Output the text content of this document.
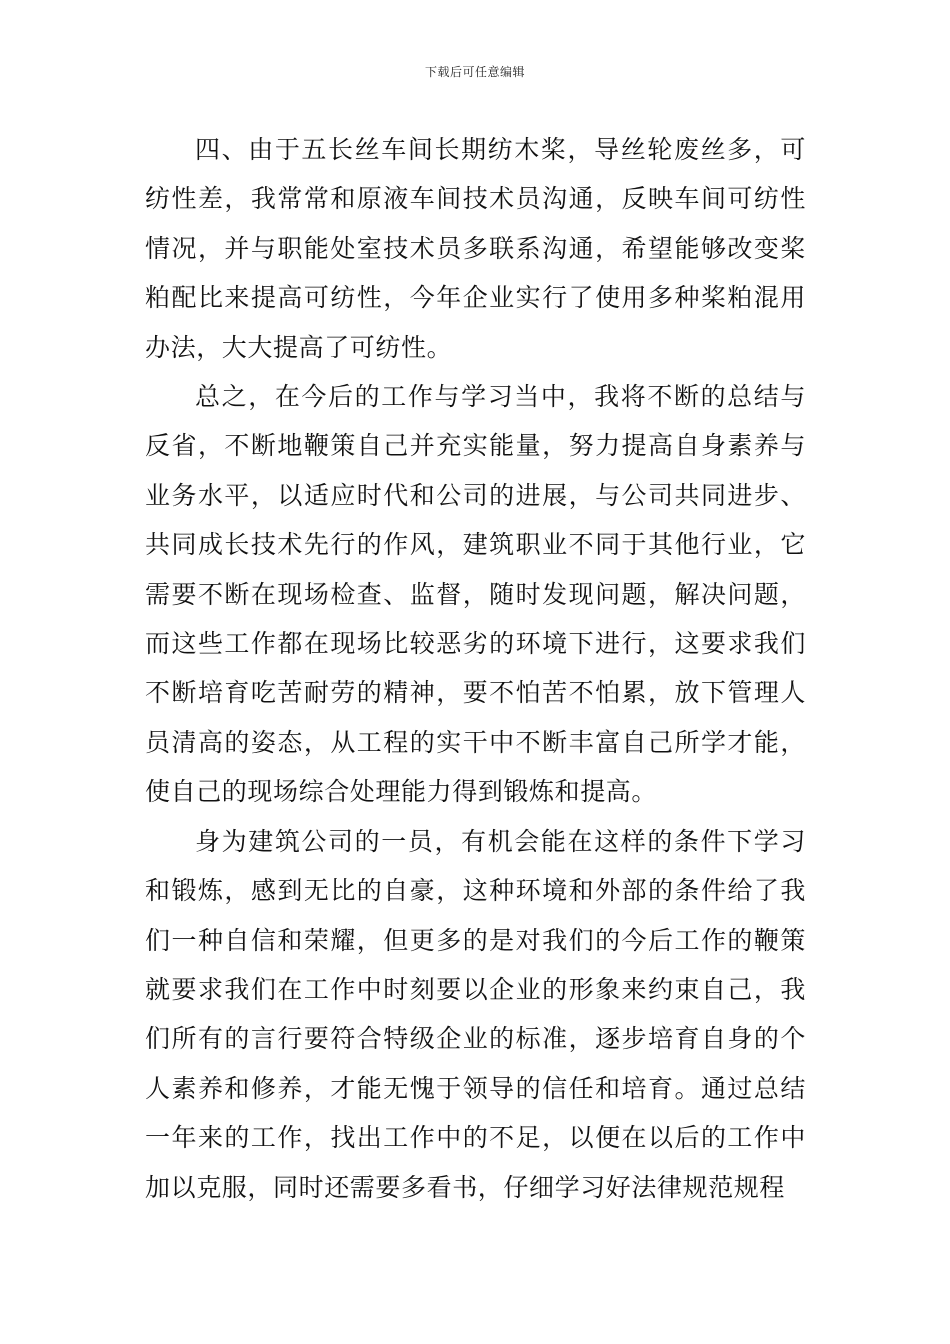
下载后可任意编辑

四、由于五长丝车间长期纺木桨，导丝轮废丝多，可纺性差，我常常和原液车间技术员沟通，反映车间可纺性情况，并与职能处室技术员多联系沟通，希望能够改变桨粕配比来提高可纺性，今年企业实行了使用多种桨粕混用办法，大大提高了可纺性。

总之，在今后的工作与学习当中，我将不断的总结与反省，不断地鞭策自己并充实能量，努力提高自身素养与业务水平，以适应时代和公司的进展，与公司共同进步、共同成长技术先行的作风，建筑职业不同于其他行业，它需要不断在现场检查、监督，随时发现问题，解决问题，而这些工作都在现场比较恶劣的环境下进行，这要求我们不断培育吃苦耐劳的精神，要不怕苦不怕累，放下管理人员清高的姿态，从工程的实干中不断丰富自己所学才能，使自己的现场综合处理能力得到锻炼和提高。

身为建筑公司的一员，有机会能在这样的条件下学习和锻炼，感到无比的自豪，这种环境和外部的条件给了我们一种自信和荣耀，但更多的是对我们的今后工作的鞭策就要求我们在工作中时刻要以企业的形象来约束自己，我们所有的言行要符合特级企业的标准，逐步培育自身的个人素养和修养，才能无愧于领导的信任和培育。通过总结一年来的工作，找出工作中的不足，以便在以后的工作中加以克服，同时还需要多看书，仔细学习好法律规范规程
